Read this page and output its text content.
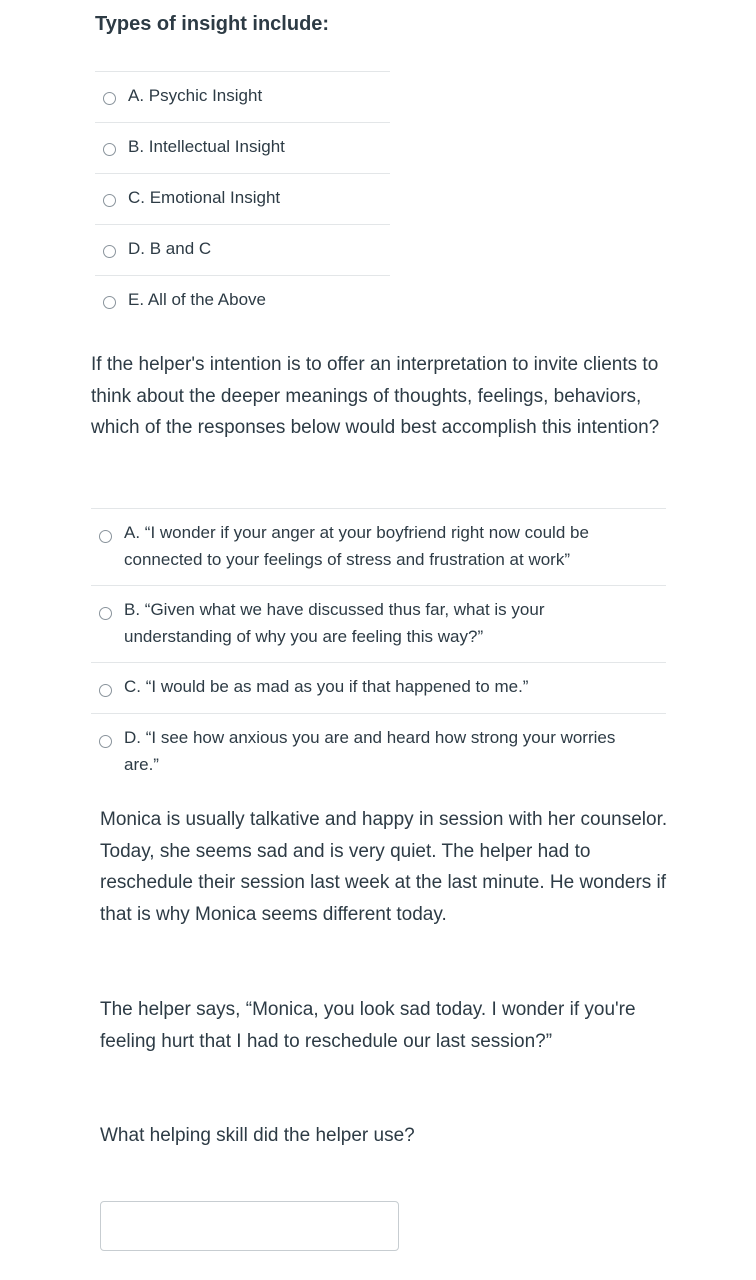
Types of insight include:
A. Psychic Insight
B. Intellectual Insight
C. Emotional Insight
D. B and C
E. All of the Above

If the helper's intention is to offer an interpretation to invite clients to think about the deeper meanings of thoughts, feelings, behaviors, which of the responses below would best accomplish this intention?

A. “I wonder if your anger at your boyfriend right now could be connected to your feelings of stress and frustration at work”
B. “Given what we have discussed thus far, what is your understanding of why you are feeling this way?”
C. “I would be as mad as you if that happened to me.”
D. “I see how anxious you are and heard how strong your worries are.”

Monica is usually talkative and happy in session with her counselor. Today, she seems sad and is very quiet. The helper had to reschedule their session last week at the last minute. He wonders if that is why Monica seems different today.

The helper says, “Monica, you look sad today. I wonder if you're feeling hurt that I had to reschedule our last session?”

What helping skill did the helper use?
